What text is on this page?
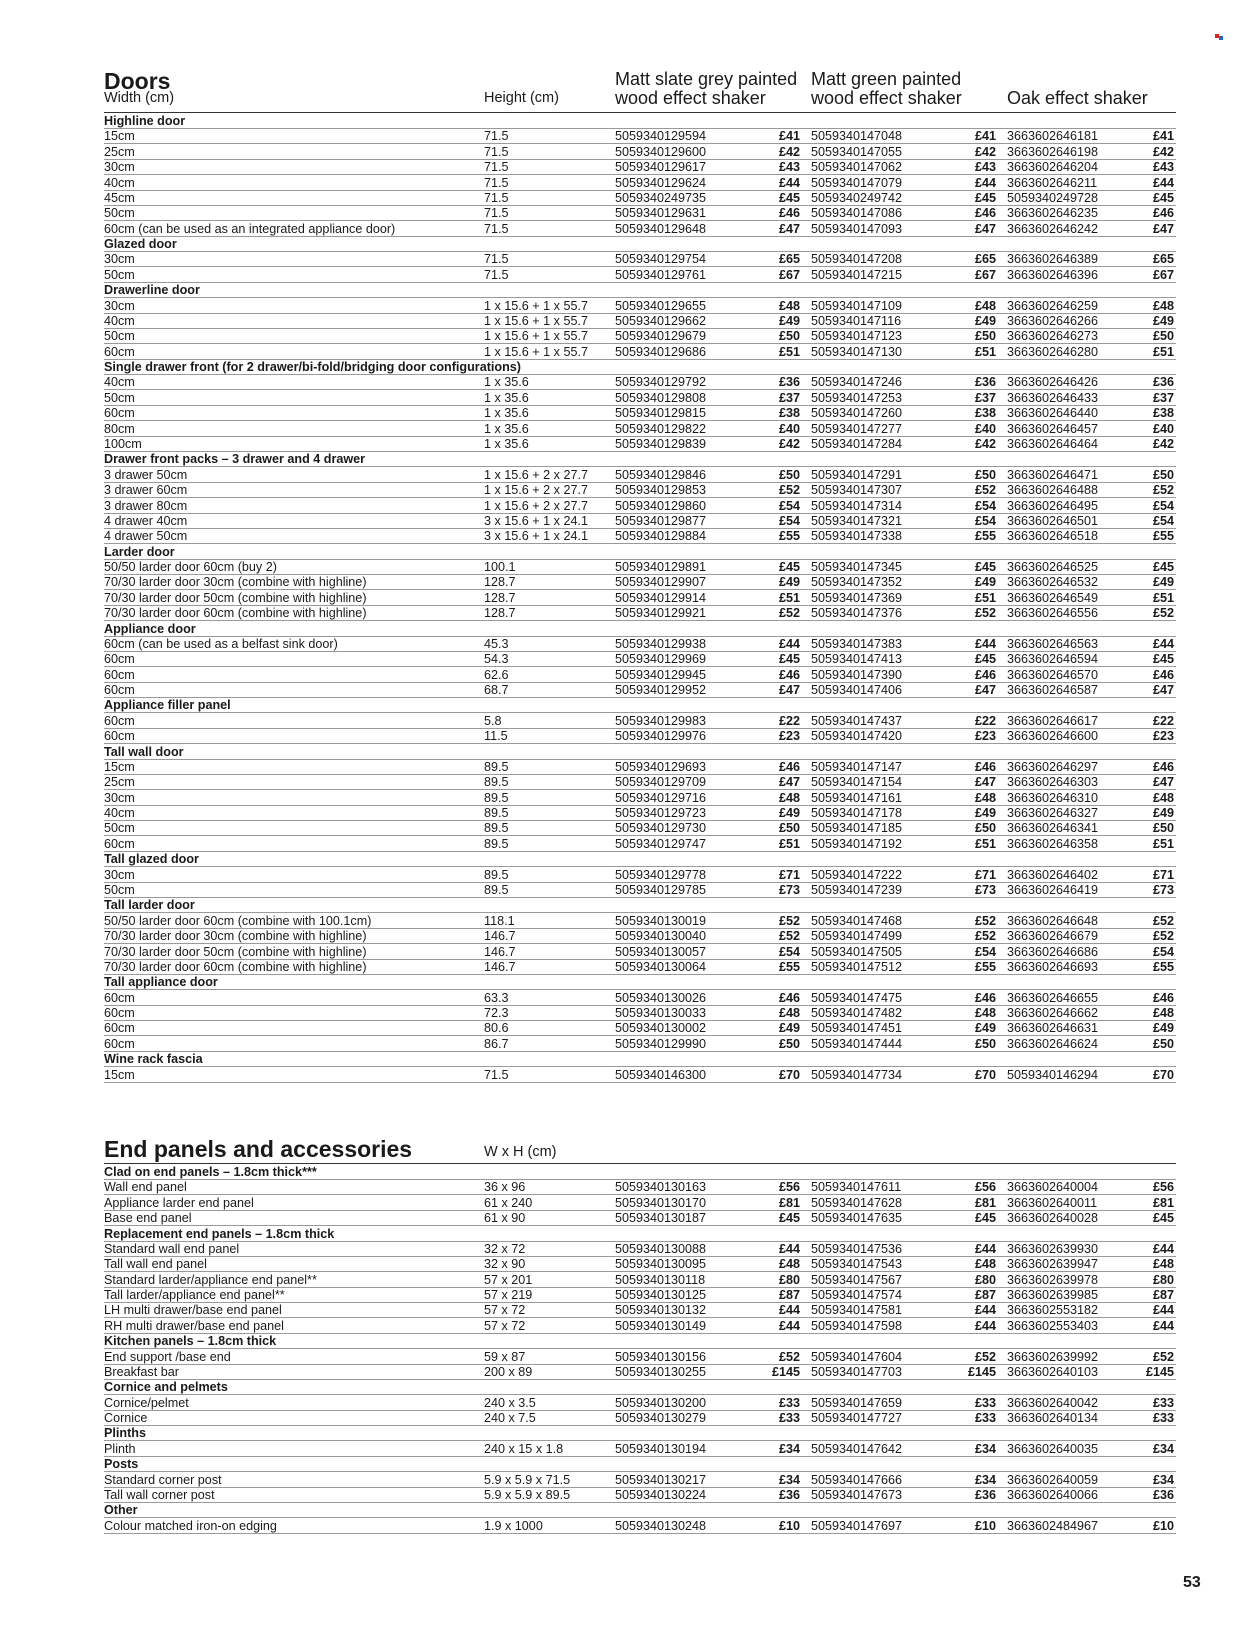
Doors
Width (cm)	Height (cm)
Matt slate grey painted wood effect shaker
Matt green painted wood effect shaker	Oak effect shaker
Highline door
15cm	71.5	5059340129594	£41 5059340147048	£41 3663602646181	£41
25cm	71.5	5059340129600	£42 5059340147055	£42 3663602646198	£42
30cm	71.5	5059340129617	£43 5059340147062	£43 3663602646204	£43
40cm	71.5	5059340129624	£44 5059340147079	£44 3663602646211	£44
45cm	71.5	5059340249735	£45 5059340249742	£45 5059340249728	£45
50cm	71.5	5059340129631	£46 5059340147086	£46 3663602646235	£46
60cm (can be used as an integrated appliance door)	71.5	5059340129648	£47 5059340147093	£47 3663602646242	£47
Glazed door
30cm	71.5	5059340129754	£65 5059340147208	£65 3663602646389	£65
50cm	71.5	5059340129761	£67 5059340147215	£67 3663602646396	£67
Drawerline door
30cm	1 x 15.6 + 1 x 55.7 5059340129655	£48 5059340147109	£48 3663602646259	£48
40cm	1 x 15.6 + 1 x 55.7 5059340129662	£49 5059340147116	£49 3663602646266	£49
50cm	1 x 15.6 + 1 x 55.7 5059340129679	£50 5059340147123	£50 3663602646273	£50
60cm	1 x 15.6 + 1 x 55.7 5059340129686	£51 5059340147130	£51 3663602646280	£51
Single drawer front (for 2 drawer/bi-fold/bridging door configurations)
40cm	1 x 35.6	5059340129792	£36 5059340147246	£36 3663602646426	£36
50cm	1 x 35.6	5059340129808	£37 5059340147253	£37 3663602646433	£37
60cm	1 x 35.6	5059340129815	£38 5059340147260	£38 3663602646440	£38
80cm	1 x 35.6	5059340129822	£40 5059340147277	£40 3663602646457	£40
100cm	1 x 35.6	5059340129839	£42 5059340147284	£42 3663602646464	£42
Drawer front packs – 3 drawer and 4 drawer
3 drawer 50cm	1 x 15.6 + 2 x 27.7 5059340129846	£50 5059340147291	£50 3663602646471	£50
3 drawer 60cm	1 x 15.6 + 2 x 27.7 5059340129853	£52 5059340147307	£52 3663602646488	£52
3 drawer 80cm	1 x 15.6 + 2 x 27.7 5059340129860	£54 5059340147314	£54 3663602646495	£54
4 drawer 40cm	3 x 15.6 + 1 x 24.1 5059340129877	£54 5059340147321	£54 3663602646501	£54
4 drawer 50cm	3 x 15.6 + 1 x 24.1 5059340129884	£55 5059340147338	£55 3663602646518	£55
Larder door
50/50 larder door 60cm (buy 2)	100.1	5059340129891	£45 5059340147345	£45 3663602646525	£45
70/30 larder door 30cm (combine with highline)	128.7	5059340129907	£49 5059340147352	£49 3663602646532	£49
70/30 larder door 50cm (combine with highline)	128.7	5059340129914	£51 5059340147369	£51 3663602646549	£51
70/30 larder door 60cm (combine with highline)	128.7	5059340129921	£52 5059340147376	£52 3663602646556	£52
Appliance door
60cm (can be used as a belfast sink door)	45.3	5059340129938	£44 5059340147383	£44 3663602646563	£44
60cm	54.3	5059340129969	£45 5059340147413	£45 3663602646594	£45
60cm	62.6	5059340129945	£46 5059340147390	£46 3663602646570	£46
60cm	68.7	5059340129952	£47 5059340147406	£47 3663602646587	£47
Appliance filler panel
60cm	5.8	5059340129983	£22 5059340147437	£22 3663602646617	£22
60cm	11.5	5059340129976	£23 5059340147420	£23 3663602646600	£23
Tall wall door
15cm	89.5	5059340129693	£46 5059340147147	£46 3663602646297	£46
25cm	89.5	5059340129709	£47 5059340147154	£47 3663602646303	£47
30cm	89.5	5059340129716	£48 5059340147161	£48 3663602646310	£48
40cm	89.5	5059340129723	£49 5059340147178	£49 3663602646327	£49
50cm	89.5	5059340129730	£50 5059340147185	£50 3663602646341	£50
60cm	89.5	5059340129747	£51 5059340147192	£51 3663602646358	£51
Tall glazed door
30cm	89.5	5059340129778	£71 5059340147222	£71 3663602646402	£71
50cm	89.5	5059340129785	£73 5059340147239	£73 3663602646419	£73
Tall larder door
50/50 larder door 60cm (combine with 100.1cm)	118.1	5059340130019	£52 5059340147468	£52 3663602646648	£52
70/30 larder door 30cm (combine with highline)	146.7	5059340130040	£52 5059340147499	£52 3663602646679	£52
70/30 larder door 50cm (combine with highline)	146.7	5059340130057	£54 5059340147505	£54 3663602646686	£54
70/30 larder door 60cm (combine with highline)	146.7	5059340130064	£55 5059340147512	£55 3663602646693	£55
Tall appliance door
60cm	63.3	5059340130026	£46 5059340147475	£46 3663602646655	£46
60cm	72.3	5059340130033	£48 5059340147482	£48 3663602646662	£48
60cm	80.6	5059340130002	£49 5059340147451	£49 3663602646631	£49
60cm	86.7	5059340129990	£50 5059340147444	£50 3663602646624	£50
Wine rack fascia
15cm	71.5	5059340146300	£70 5059340147734	£70 5059340146294	£70
End panels and accessories	W x H (cm)
Clad on end panels – 1.8cm thick***
Wall end panel	36 x 96	5059340130163	£56 5059340147611	£56 3663602640004	£56
Appliance larder end panel	61 x 240	5059340130170	£81 5059340147628	£81 3663602640011	£81
Base end panel	61 x 90	5059340130187	£45 5059340147635	£45 3663602640028	£45
Replacement end panels – 1.8cm thick
Standard wall end panel	32 x 72	5059340130088	£44 5059340147536	£44 3663602639930	£44
Tall wall end panel	32 x 90	5059340130095	£48 5059340147543	£48 3663602639947	£48
Standard larder/appliance end panel**	57 x 201	5059340130118	£80 5059340147567	£80 3663602639978	£80
Tall larder/appliance end panel**	57 x 219	5059340130125	£87 5059340147574	£87 3663602639985	£87
LH multi drawer/base end panel	57 x 72	5059340130132	£44 5059340147581	£44 3663602553182	£44
RH multi drawer/base end panel	57 x 72	5059340130149	£44 5059340147598	£44 3663602553403	£44
Kitchen panels – 1.8cm thick
End support /base end	59 x 87	5059340130156	£52 5059340147604	£52 3663602639992	£52
Breakfast bar	200 x 89	5059340130255	£145 5059340147703	£145 3663602640103	£145
Cornice and pelmets
Cornice/pelmet	240 x 3.5	5059340130200	£33 5059340147659	£33 3663602640042	£33
Cornice	240 x 7.5	5059340130279	£33 5059340147727	£33 3663602640134	£33
Plinths
Plinth	240 x 15 x 1.8	5059340130194	£34 5059340147642	£34 3663602640035	£34
Posts
Standard corner post	5.9 x 5.9 x 71.5	5059340130217	£34 5059340147666	£34 3663602640059	£34
Tall wall corner post	5.9 x 5.9 x 89.5	5059340130224	£36 5059340147673	£36 3663602640066	£36
Other
Colour matched iron-on edging	1.9 x 1000	5059340130248	£10 5059340147697	£10 3663602484967	£10
53
